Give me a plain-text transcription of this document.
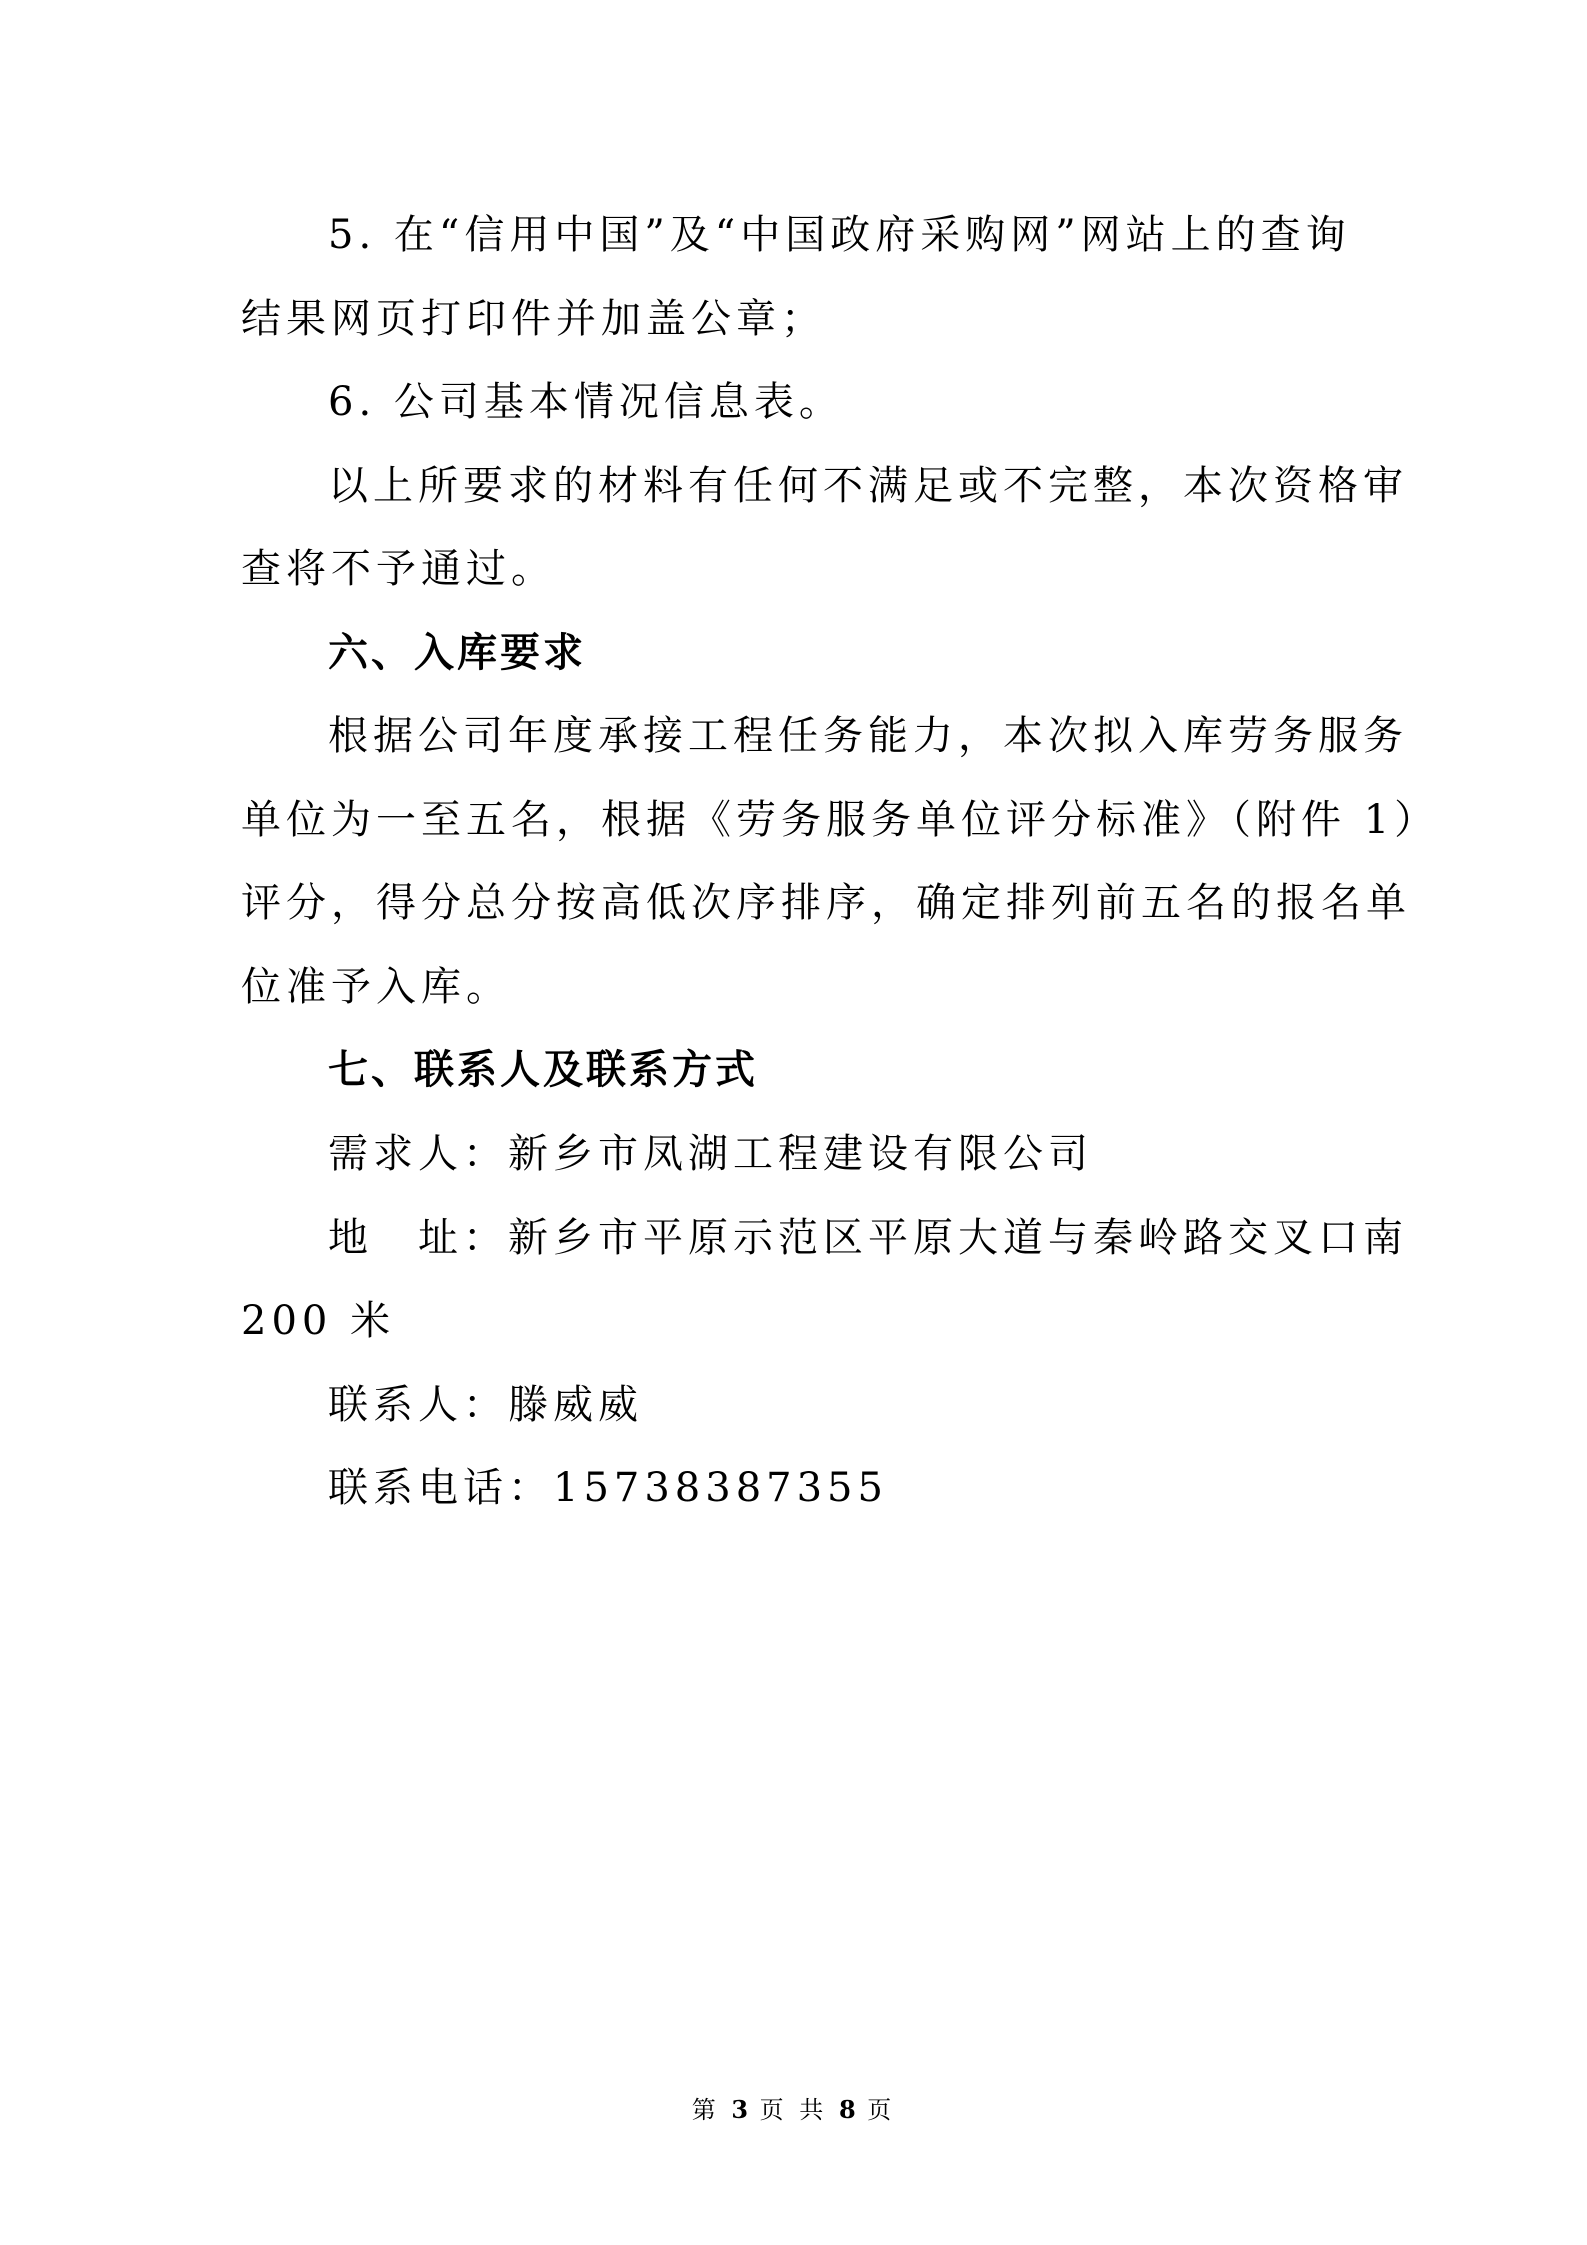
5. 在“信用中国”及“中国政府采购网”网站上的查询
结果网页打印件并加盖公章；
6. 公司基本情况信息表。
以上所要求的材料有任何不满足或不完整，本次资格审
查将不予通过。
六、入库要求
根据公司年度承接工程任务能力，本次拟入库劳务服务
单位为一至五名，根据《劳务服务单位评分标准》（附件 1）
评分，得分总分按高低次序排序，确定排列前五名的报名单
位准予入库。
七、联系人及联系方式
需求人：新乡市凤湖工程建设有限公司
地　址：新乡市平原示范区平原大道与秦岭路交叉口南
200 米
联系人：滕威威
联系电话：15738387355
第 3 页 共 8 页
